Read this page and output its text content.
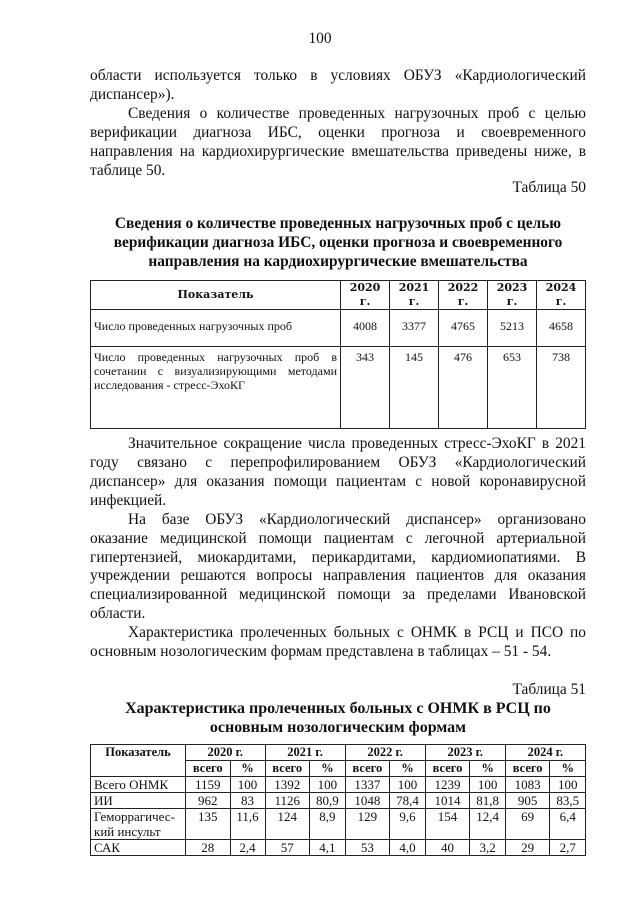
100

области используется только в условиях ОБУЗ «Кардиологический диспансер»).

Сведения о количестве проведенных нагрузочных проб с целью верификации диагноза ИБС, оценки прогноза и своевременного направления на кардиохирургические вмешательства приведены ниже, в таблице 50.

Таблица 50

Сведения о количестве проведенных нагрузочных проб с целью верификации диагноза ИБС, оценки прогноза и своевременного направления на кардиохирургические вмешательства

Показатель	2020 г.	2021 г.	2022 г.	2023 г.	2024 г.
Число проведенных нагрузочных проб	4008	3377	4765	5213	4658
Число проведенных нагрузочных проб в сочетании с визуализирующими методами исследования - стресс-ЭхоКГ	343	145	476	653	738

Значительное сокращение числа проведенных стресс-ЭхоКГ в 2021 году связано с перепрофилированием ОБУЗ «Кардиологический диспансер» для оказания помощи пациентам с новой коронавирусной инфекцией.

На базе ОБУЗ «Кардиологический диспансер» организовано оказание медицинской помощи пациентам с легочной артериальной гипертензией, миокардитами, перикардитами, кардиомиопатиями. В учреждении решаются вопросы направления пациентов для оказания специализированной медицинской помощи за пределами Ивановской области.

Характеристика пролеченных больных с ОНМК в РСЦ и ПСО по основным нозологическим формам представлена в таблицах – 51 - 54.

Таблица 51

Характеристика пролеченных больных с ОНМК в РСЦ по основным нозологическим формам

Показатель	2020 г.		2021 г.		2022 г.		2023 г.		2024 г.	
	всего	%	всего	%	всего	%	всего	%	всего	%
Всего ОНМК	1159	100	1392	100	1337	100	1239	100	1083	100
ИИ	962	83	1126	80,9	1048	78,4	1014	81,8	905	83,5
Геморрагичес-кий инсульт	135	11,6	124	8,9	129	9,6	154	12,4	69	6,4
САК	28	2,4	57	4,1	53	4,0	40	3,2	29	2,7
